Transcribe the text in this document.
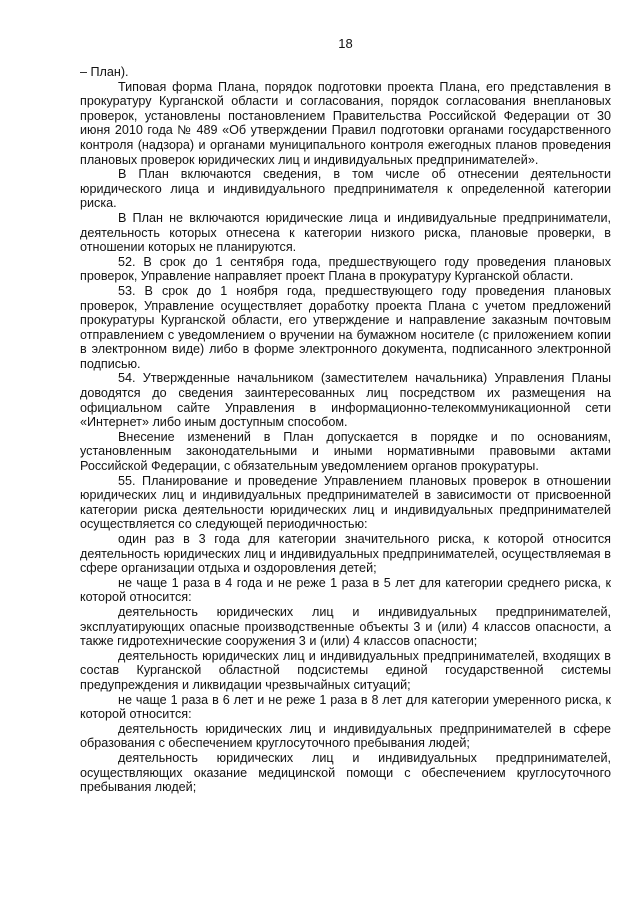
18

– План).

Типовая форма Плана, порядок подготовки проекта Плана, его представления в прокуратуру Курганской области и согласования, порядок согласования внеплановых проверок, установлены постановлением Правительства Российской Федерации от 30 июня 2010 года № 489 «Об утверждении Правил подготовки органами государственного контроля (надзора) и органами муниципального контроля ежегодных планов проведения плановых проверок юридических лиц и индивидуальных предпринимателей».

В План включаются сведения, в том числе об отнесении деятельности юридического лица и индивидуального предпринимателя к определенной категории риска.

В План не включаются юридические лица и индивидуальные предприниматели, деятельность которых отнесена к категории низкого риска, плановые проверки, в отношении которых не планируются.

52. В срок до 1 сентября года, предшествующего году проведения плановых проверок, Управление направляет проект Плана в прокуратуру Курганской области.

53. В срок до 1 ноября года, предшествующего году проведения плановых проверок, Управление осуществляет доработку проекта Плана с учетом предложений прокуратуры Курганской области, его утверждение и направление заказным почтовым отправлением с уведомлением о вручении на бумажном носителе (с приложением копии в электронном виде) либо в форме электронного документа, подписанного электронной подписью.

54. Утвержденные начальником (заместителем начальника) Управления Планы доводятся до сведения заинтересованных лиц посредством их размещения на официальном сайте Управления в информационно-телекоммуникационной сети «Интернет» либо иным доступным способом.

Внесение изменений в План допускается в порядке и по основаниям, установленным законодательными и иными нормативными правовыми актами Российской Федерации, с обязательным уведомлением органов прокуратуры.

55. Планирование и проведение Управлением плановых проверок в отношении юридических лиц и индивидуальных предпринимателей в зависимости от присвоенной категории риска деятельности юридических лиц и индивидуальных предпринимателей осуществляется со следующей периодичностью:

один раз в 3 года для категории значительного риска, к которой относится деятельность юридических лиц и индивидуальных предпринимателей, осуществляемая в сфере организации отдыха и оздоровления детей;

не чаще 1 раза в 4 года и не реже 1 раза в 5 лет для категории среднего риска, к которой относится:

деятельность юридических лиц и индивидуальных предпринимателей, эксплуатирующих опасные производственные объекты 3 и (или) 4 классов опасности, а также гидротехнические сооружения 3 и (или) 4 классов опасности;

деятельность юридических лиц и индивидуальных предпринимателей, входящих в состав Курганской областной подсистемы единой государственной системы предупреждения и ликвидации чрезвычайных ситуаций;

не чаще 1 раза в 6 лет и не реже 1 раза в 8 лет для категории умеренного риска, к которой относится:

деятельность юридических лиц и индивидуальных предпринимателей в сфере образования с обеспечением круглосуточного пребывания людей;

деятельность юридических лиц и индивидуальных предпринимателей, осуществляющих оказание медицинской помощи с обеспечением круглосуточного пребывания людей;
